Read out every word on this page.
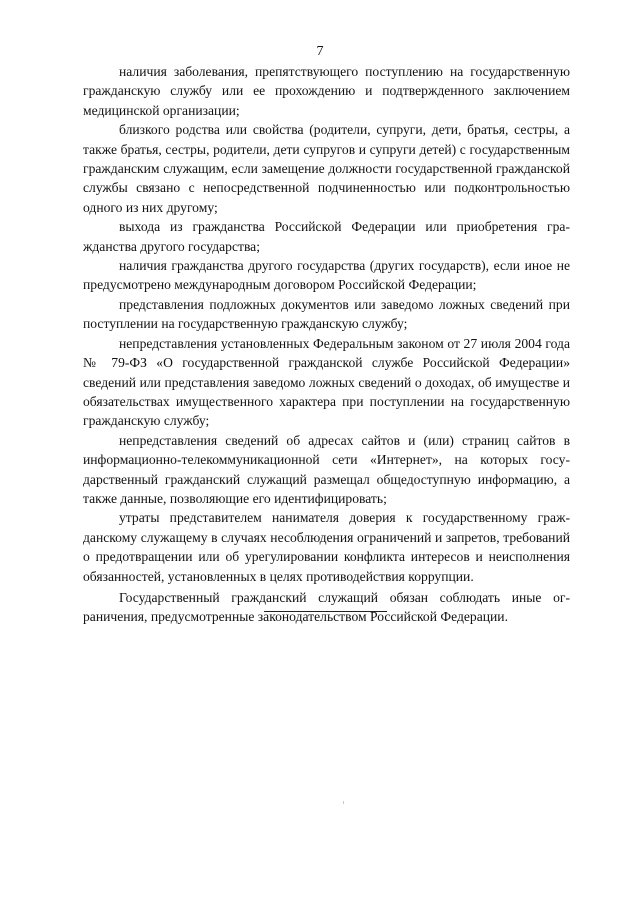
7

наличия заболевания, препятствующего поступлению на государственную гражданскую службу или ее прохождению и подтвержденного заключением медицинской организации;

близкого родства или свойства (родители, супруги, дети, братья, сестры, а также братья, сестры, родители, дети супругов и супруги детей) с государственным гражданским служащим, если замещение должности государственной гражданской службы связано с непосредственной подчиненностью или подконтрольностью одного из них другому;

выхода из гражданства Российской Федерации или приобретения гражданства другого государства;

наличия гражданства другого государства (других государств), если иное не предусмотрено международным договором Российской Федерации;

представления подложных документов или заведомо ложных сведений при поступлении на государственную гражданскую службу;

непредставления установленных Федеральным законом от 27 июля 2004 года № 79-ФЗ «О государственной гражданской службе Российской Федерации» сведений или представления заведомо ложных сведений о доходах, об имуществе и обязательствах имущественного характера при поступлении на государственную гражданскую службу;

непредставления сведений об адресах сайтов и (или) страниц сайтов в информационно-телекоммуникационной сети «Интернет», на которых государственный гражданский служащий размещал общедоступную информацию, а также данные, позволяющие его идентифицировать;

утраты представителем нанимателя доверия к государственному гражданскому служащему в случаях несоблюдения ограничений и запретов, требований о предотвращении или об урегулировании конфликта интересов и неисполнения обязанностей, установленных в целях противодействия коррупции.

Государственный гражданский служащий обязан соблюдать иные ограничения, предусмотренные законодательством Российской Федерации.
